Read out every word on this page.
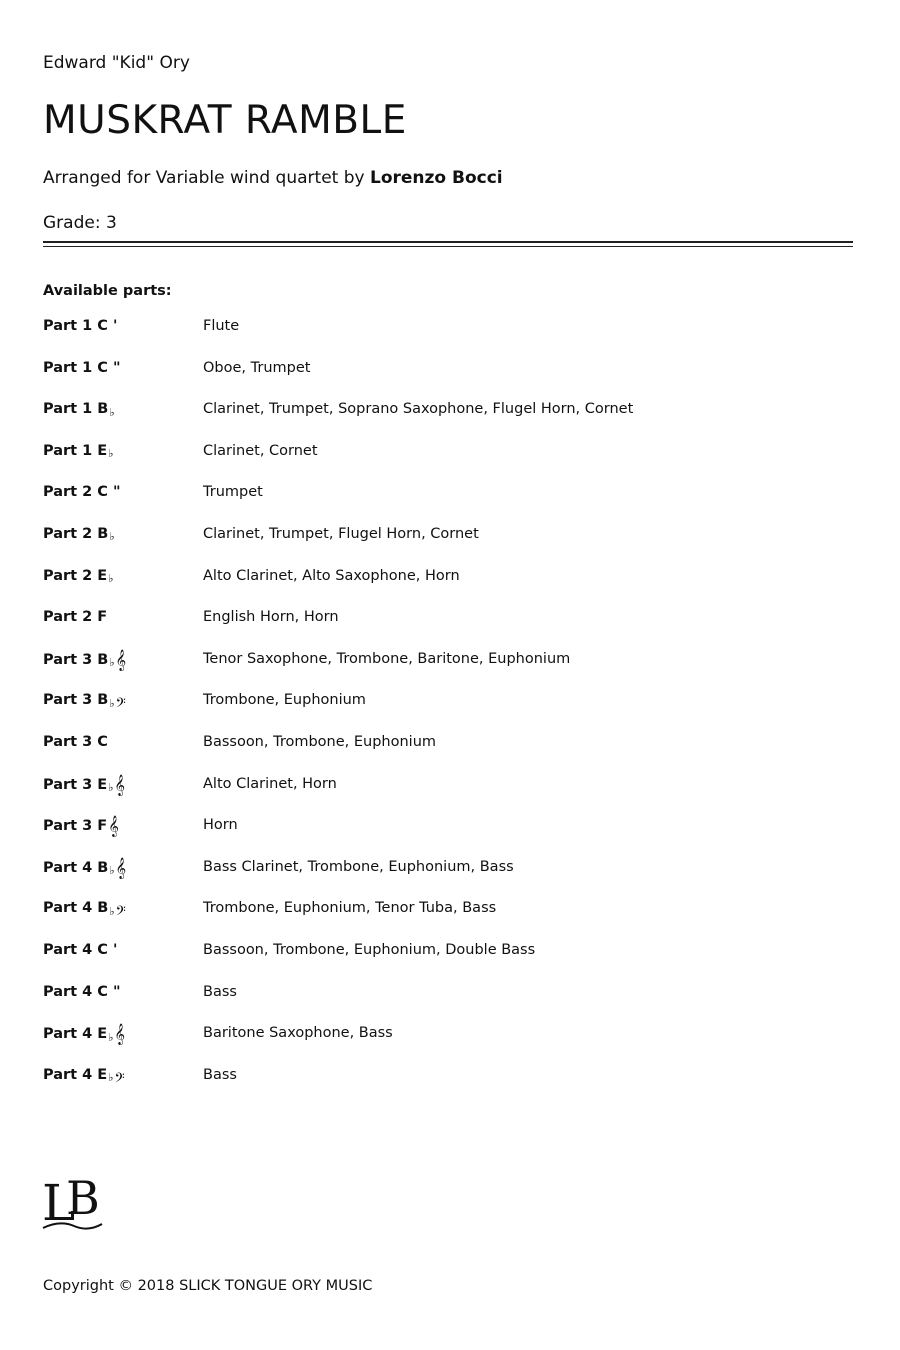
Edward "Kid" Ory
MUSKRAT RAMBLE
Arranged for Variable wind quartet by Lorenzo Bocci
Grade: 3
Available parts:
Part 1 C '	Flute
Part 1 C "	Oboe, Trumpet
Part 1 B ♭	Clarinet, Trumpet, Soprano Saxophone, Flugel Horn, Cornet
Part 1 E ♭	Clarinet, Cornet
Part 2 C "	Trumpet
Part 2 B ♭	Clarinet, Trumpet, Flugel Horn, Cornet
Part 2 E ♭	Alto Clarinet, Alto Saxophone, Horn
Part 2 F	English Horn, Horn
Part 3 B ♭ 𝄞	Tenor Saxophone, Trombone, Baritone, Euphonium
Part 3 B ♭ 𝄢	Trombone, Euphonium
Part 3 C	Bassoon, Trombone, Euphonium
Part 3 E ♭ 𝄞	Alto Clarinet, Horn
Part 3 F 𝄞	Horn
Part 4 B ♭ 𝄞	Bass Clarinet, Trombone, Euphonium, Bass
Part 4 B ♭ 𝄢	Trombone, Euphonium, Tenor Tuba, Bass
Part 4 C '	Bassoon, Trombone, Euphonium, Double Bass
Part 4 C "	Bass
Part 4 E ♭ 𝄞	Baritone Saxophone, Bass
Part 4 E ♭ 𝄢	Bass
L
B
Copyright © 2018 SLICK TONGUE ORY MUSIC
